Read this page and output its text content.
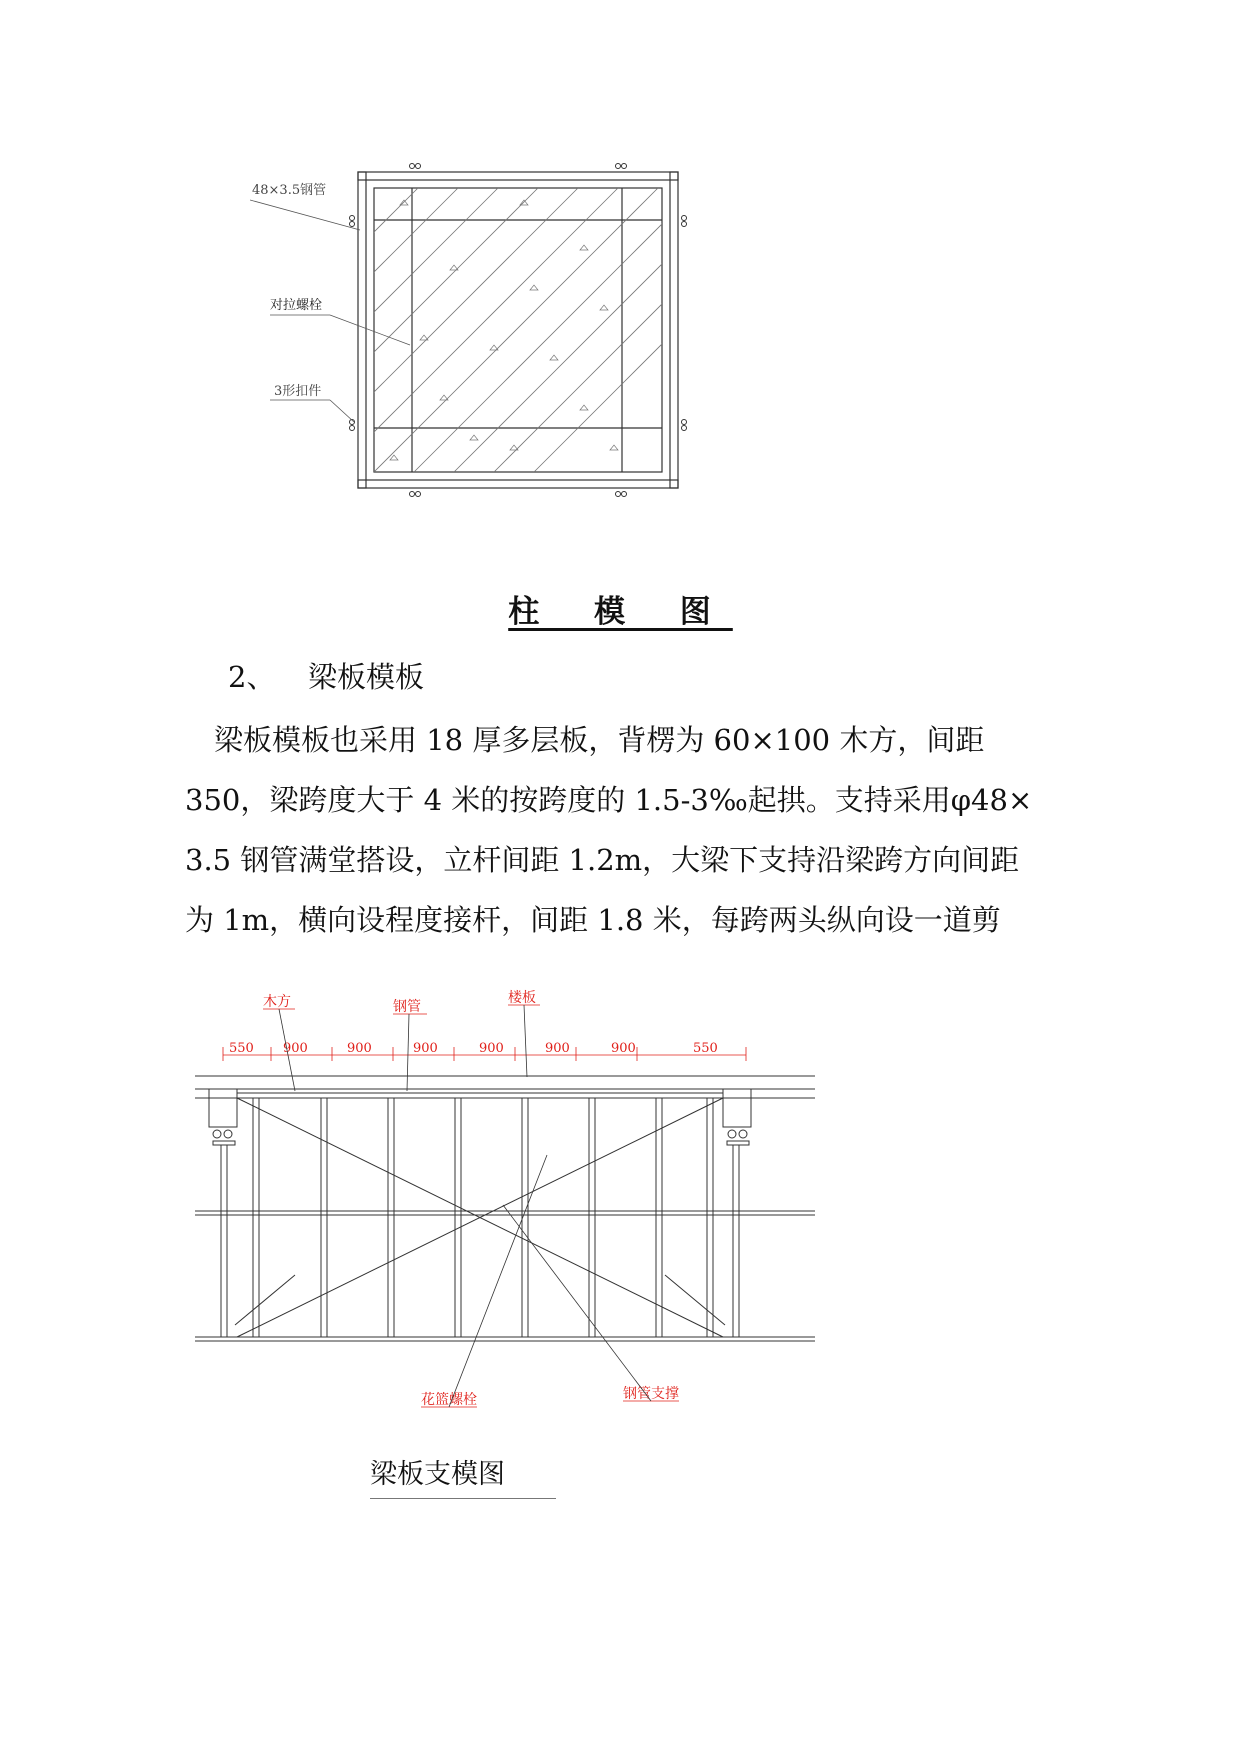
48×3.5钢管
对拉螺栓
3形扣件
柱 模 图
2、 梁板模板

　梁板模板也采用 18 厚多层板，背楞为 60×100 木方，间距

350，梁跨度大于 4 米的按跨度的 1.5-3‰起拱。支持采用φ48×

3.5 钢管满堂搭设，立杆间距 1.2m，大梁下支持沿梁跨方向间距

为 1m，横向设程度接杆，间距 1.8 米，每跨两头纵向设一道剪

木方	钢管
楼板
花篮螺栓	钢管支撑
550 900	900	900	900	900	900	550
梁板支模图
